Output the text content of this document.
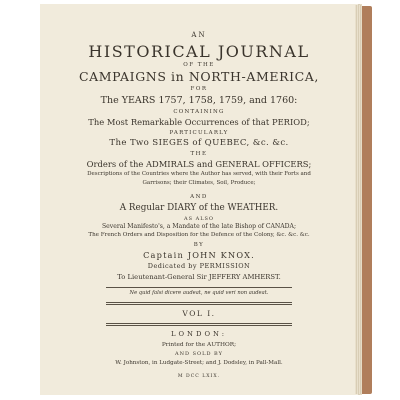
AN
HISTORICAL JOURNAL
OF THE
CAMPAIGNS in NORTH-AMERICA,
FOR
The YEARS 1757, 1758, 1759, and 1760:
CONTAINING
The Most Remarkable Occurrences of that PERIOD;
PARTICULARLY
The Two SIEGES of QUEBEC, &c. &c.
THE
Orders of the ADMIRALS and GENERAL OFFICERS;
Descriptions of the Countries where the Author has served, with their Forts and
Garrisons; their Climates, Soil, Produce;
AND
A Regular DIARY of the WEATHER.
AS ALSO
Several Manifesto's, a Mandate of the late Bishop of CANADA;
The French Orders and Disposition for the Defence of the Colony, &c. &c. &c.
BY
Captain JOHN KNOX.
Dedicated by PERMISSION
To Lieutenant-General Sir JEFFERY AMHERST.
Ne quid falsi dicere audeat, ne quid veri non audeat.
VOL I.
LONDON:
Printed for the AUTHOR;
AND SOLD BY
W. Johnston, in Ludgate-Street; and J. Dodsley, in Pall-Mall.
M DCC LXIX.
